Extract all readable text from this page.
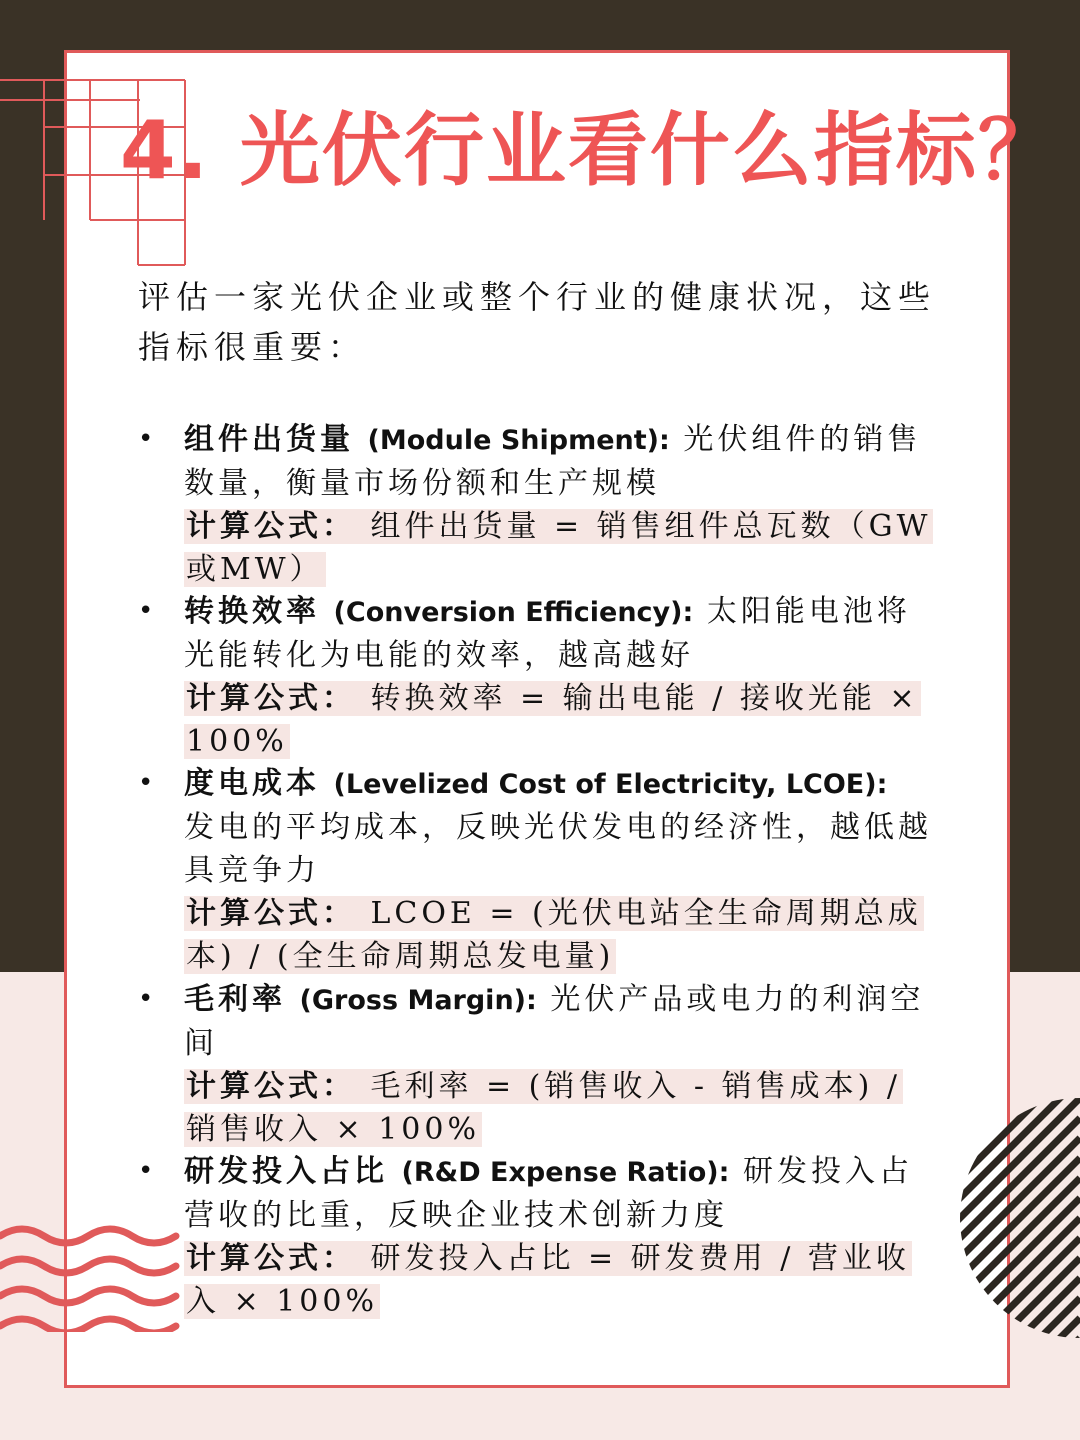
4. 光伏行业看什么指标？
评估一家光伏企业或整个行业的健康状况，这些指标很重要：
• 组件出货量 (Module Shipment): 光伏组件的销售数量，衡量市场份额和生产规模
计算公式： 组件出货量 = 销售组件总瓦数（GW或MW）
• 转换效率 (Conversion Efficiency): 太阳能电池将光能转化为电能的效率，越高越好
计算公式： 转换效率 = 输出电能 / 接收光能 × 100%
• 度电成本 (Levelized Cost of Electricity, LCOE): 发电的平均成本，反映光伏发电的经济性，越低越具竞争力
计算公式： LCOE = (光伏电站全生命周期总成本) / (全生命周期总发电量)
• 毛利率 (Gross Margin): 光伏产品或电力的利润空间
计算公式： 毛利率 = (销售收入 - 销售成本) / 销售收入 × 100%
• 研发投入占比 (R&D Expense Ratio): 研发投入占营收的比重，反映企业技术创新力度
计算公式： 研发投入占比 = 研发费用 / 营业收入 × 100%
